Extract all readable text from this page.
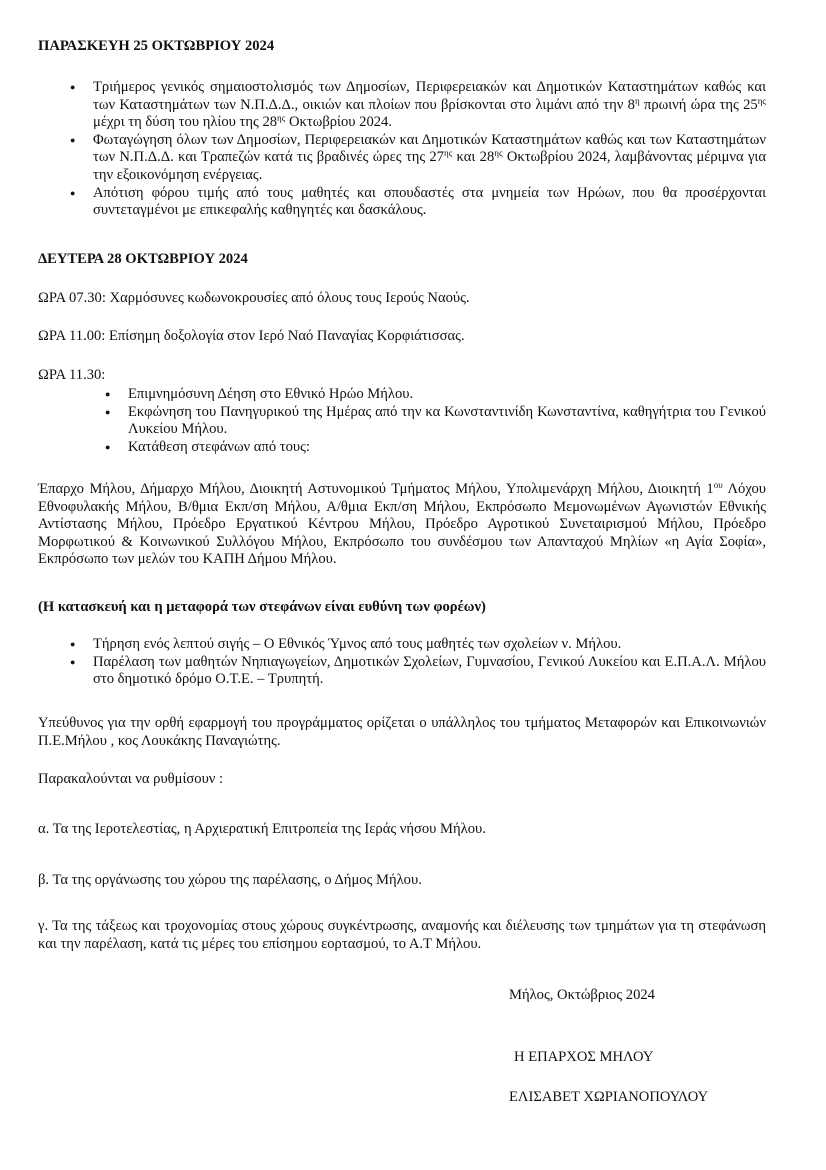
ΠΑΡΑΣΚΕΥΗ 25 ΟΚΤΩΒΡΙΟΥ 2024
● Τριήμερος γενικός σημαιοστολισμός των Δημοσίων, Περιφερειακών και Δημοτικών Καταστημάτων καθώς και των Καταστημάτων των Ν.Π.Δ.Δ., οικιών και πλοίων που βρίσκονται στο λιμάνι από την $8^\eta$ πρωινή ώρα της $25^{\eta\varsigma}$ μέχρι τη δύση του ηλίου της $28^{\eta\varsigma}$ Οκτωβρίου 2024.
● Φωταγώγηση όλων των Δημοσίων, Περιφερειακών και Δημοτικών Καταστημάτων καθώς και των Καταστημάτων των Ν.Π.Δ.Δ. και Τραπεζών κατά τις βραδινές ώρες της $27^{\eta\varsigma}$ και $28^{\eta\varsigma}$ Οκτωβρίου 2024, λαμβάνοντας μέριμνα για την εξοικονόμηση ενέργειας.
● Απότιση φόρου τιμής από τους μαθητές και σπουδαστές στα μνημεία των Ηρώων, που θα προσέρχονται συντεταγμένοι με επικεφαλής καθηγητές και δασκάλους.
ΔΕΥΤΕΡΑ 28 ΟΚΤΩΒΡΙΟΥ 2024
ΩΡΑ 07.30: Χαρμόσυνες κωδωνοκρουσίες από όλους τους Ιερούς Ναούς.
ΩΡΑ 11.00: Επίσημη δοξολογία στον Ιερό Ναό Παναγίας Κορφιάτισσας.
ΩΡΑ 11.30:
● Επιμνημόσυνη Δέηση στο Εθνικό Ηρώο Μήλου.
● Εκφώνηση του Πανηγυρικού της Ημέρας από την κα Κωνσταντινίδη Κωνσταντίνα, καθηγήτρια του Γενικού Λυκείου Μήλου.
● Κατάθεση στεφάνων από τους:
Έπαρχο Μήλου, Δήμαρχο Μήλου, Διοικητή Αστυνομικού Τμήματος Μήλου, Υπολιμενάρχη Μήλου, Διοικητή $1^{o\upsilon}$ Λόχου Εθνοφυλακής Μήλου, Β/θμια Εκπ/ση Μήλου, Α/θμια Εκπ/ση Μήλου, Εκπρόσωπο Μεμονωμένων Αγωνιστών Εθνικής Αντίστασης Μήλου, Πρόεδρο Εργατικού Κέντρου Μήλου, Πρόεδρο Αγροτικού Συνεταιρισμού Μήλου, Πρόεδρο Μορφωτικού & Κοινωνικού Συλλόγου Μήλου, Εκπρόσωπο του συνδέσμου των Απανταχού Μηλίων «η Αγία Σοφία», Εκπρόσωπο των μελών του ΚΑΠΗ Δήμου Μήλου.
(Η κατασκευή και η μεταφορά των στεφάνων είναι ευθύνη των φορέων)
● Τήρηση ενός λεπτού σιγής – Ο Εθνικός Ύμνος από τους μαθητές των σχολείων ν. Μήλου.
● Παρέλαση των μαθητών Νηπιαγωγείων, Δημοτικών Σχολείων, Γυμνασίου, Γενικού Λυκείου και Ε.Π.Α.Λ. Μήλου στο δημοτικό δρόμο Ο.Τ.Ε. – Τρυπητή.
Υπεύθυνος για την ορθή εφαρμογή του προγράμματος ορίζεται ο υπάλληλος του τμήματος Μεταφορών και Επικοινωνιών Π.Ε.Μήλου , κος Λουκάκης Παναγιώτης.
Παρακαλούνται να ρυθμίσουν :
α. Τα της Ιεροτελεστίας, η Αρχιερατική Επιτροπεία της Ιεράς νήσου Μήλου.
β. Τα της οργάνωσης του χώρου της παρέλασης, ο Δήμος Μήλου.
γ. Τα της τάξεως και τροχονομίας στους χώρους συγκέντρωσης, αναμονής και διέλευσης των τμημάτων για τη στεφάνωση και την παρέλαση, κατά τις μέρες του επίσημου εορτασμού, το Α.Τ Μήλου.
Μήλος, Οκτώβριος 2024
Η ΕΠΑΡΧΟΣ ΜΗΛΟΥ
ΕΛΙΣΑΒΕΤ ΧΩΡΙΑΝΟΠΟΥΛΟΥ
